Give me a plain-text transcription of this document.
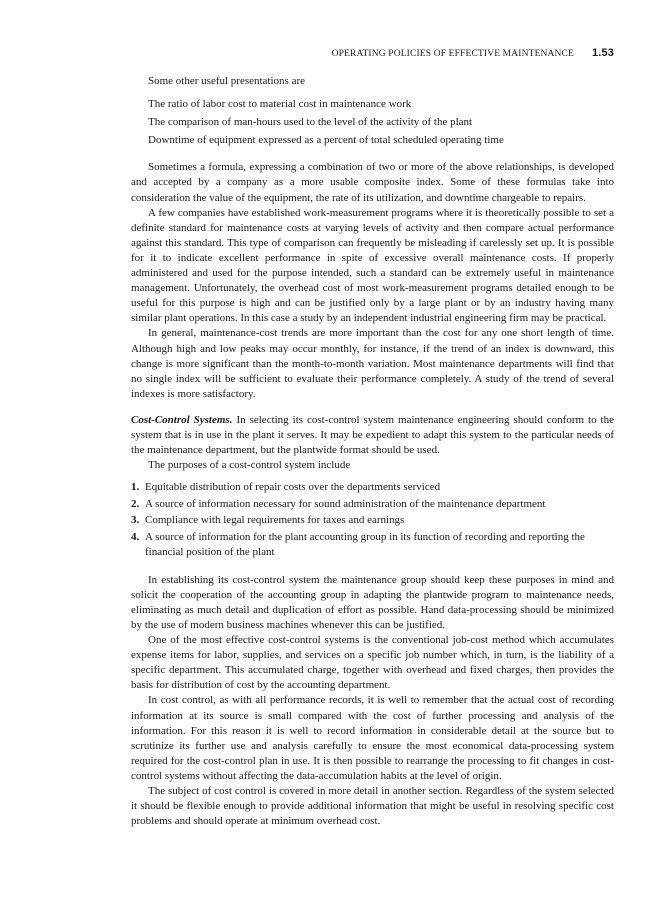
OPERATING POLICIES OF EFFECTIVE MAINTENANCE 1.53

Some other useful presentations are

The ratio of labor cost to material cost in maintenance work
The comparison of man-hours used to the level of the activity of the plant
Downtime of equipment expressed as a percent of total scheduled operating time

Sometimes a formula, expressing a combination of two or more of the above relationships, is developed and accepted by a company as a more usable composite index. Some of these formulas take into consideration the value of the equipment, the rate of its utilization, and downtime chargeable to repairs.

A few companies have established work-measurement programs where it is theoretically possible to set a definite standard for maintenance costs at varying levels of activity and then compare actual performance against this standard. This type of comparison can frequently be misleading if carelessly set up. It is possible for it to indicate excellent performance in spite of excessive overall maintenance costs. If properly administered and used for the purpose intended, such a standard can be extremely useful in maintenance management. Unfortunately, the overhead cost of most work-measurement programs detailed enough to be useful for this purpose is high and can be justified only by a large plant or by an industry having many similar plant operations. In this case a study by an independent industrial engineering firm may be practical.

In general, maintenance-cost trends are more important than the cost for any one short length of time. Although high and low peaks may occur monthly, for instance, if the trend of an index is downward, this change is more significant than the month-to-month variation. Most maintenance departments will find that no single index will be sufficient to evaluate their performance completely. A study of the trend of several indexes is more satisfactory.

Cost-Control Systems. In selecting its cost-control system maintenance engineering should conform to the system that is in use in the plant it serves. It may be expedient to adapt this system to the particular needs of the maintenance department, but the plantwide format should be used.

The purposes of a cost-control system include

1. Equitable distribution of repair costs over the departments serviced
2. A source of information necessary for sound administration of the maintenance department
3. Compliance with legal requirements for taxes and earnings
4. A source of information for the plant accounting group in its function of recording and reporting the financial position of the plant

In establishing its cost-control system the maintenance group should keep these purposes in mind and solicit the cooperation of the accounting group in adapting the plantwide program to maintenance needs, eliminating as much detail and duplication of effort as possible. Hand data-processing should be minimized by the use of modern business machines whenever this can be justified.

One of the most effective cost-control systems is the conventional job-cost method which accumulates expense items for labor, supplies, and services on a specific job number which, in turn, is the liability of a specific department. This accumulated charge, together with overhead and fixed charges, then provides the basis for distribution of cost by the accounting department.

In cost control, as with all performance records, it is well to remember that the actual cost of recording information at its source is small compared with the cost of further processing and analysis of the information. For this reason it is well to record information in considerable detail at the source but to scrutinize its further use and analysis carefully to ensure the most economical data-processing system required for the cost-control plan in use. It is then possible to rearrange the processing to fit changes in cost-control systems without affecting the data-accumulation habits at the level of origin.

The subject of cost control is covered in more detail in another section. Regardless of the system selected it should be flexible enough to provide additional information that might be useful in resolving specific cost problems and should operate at minimum overhead cost.
